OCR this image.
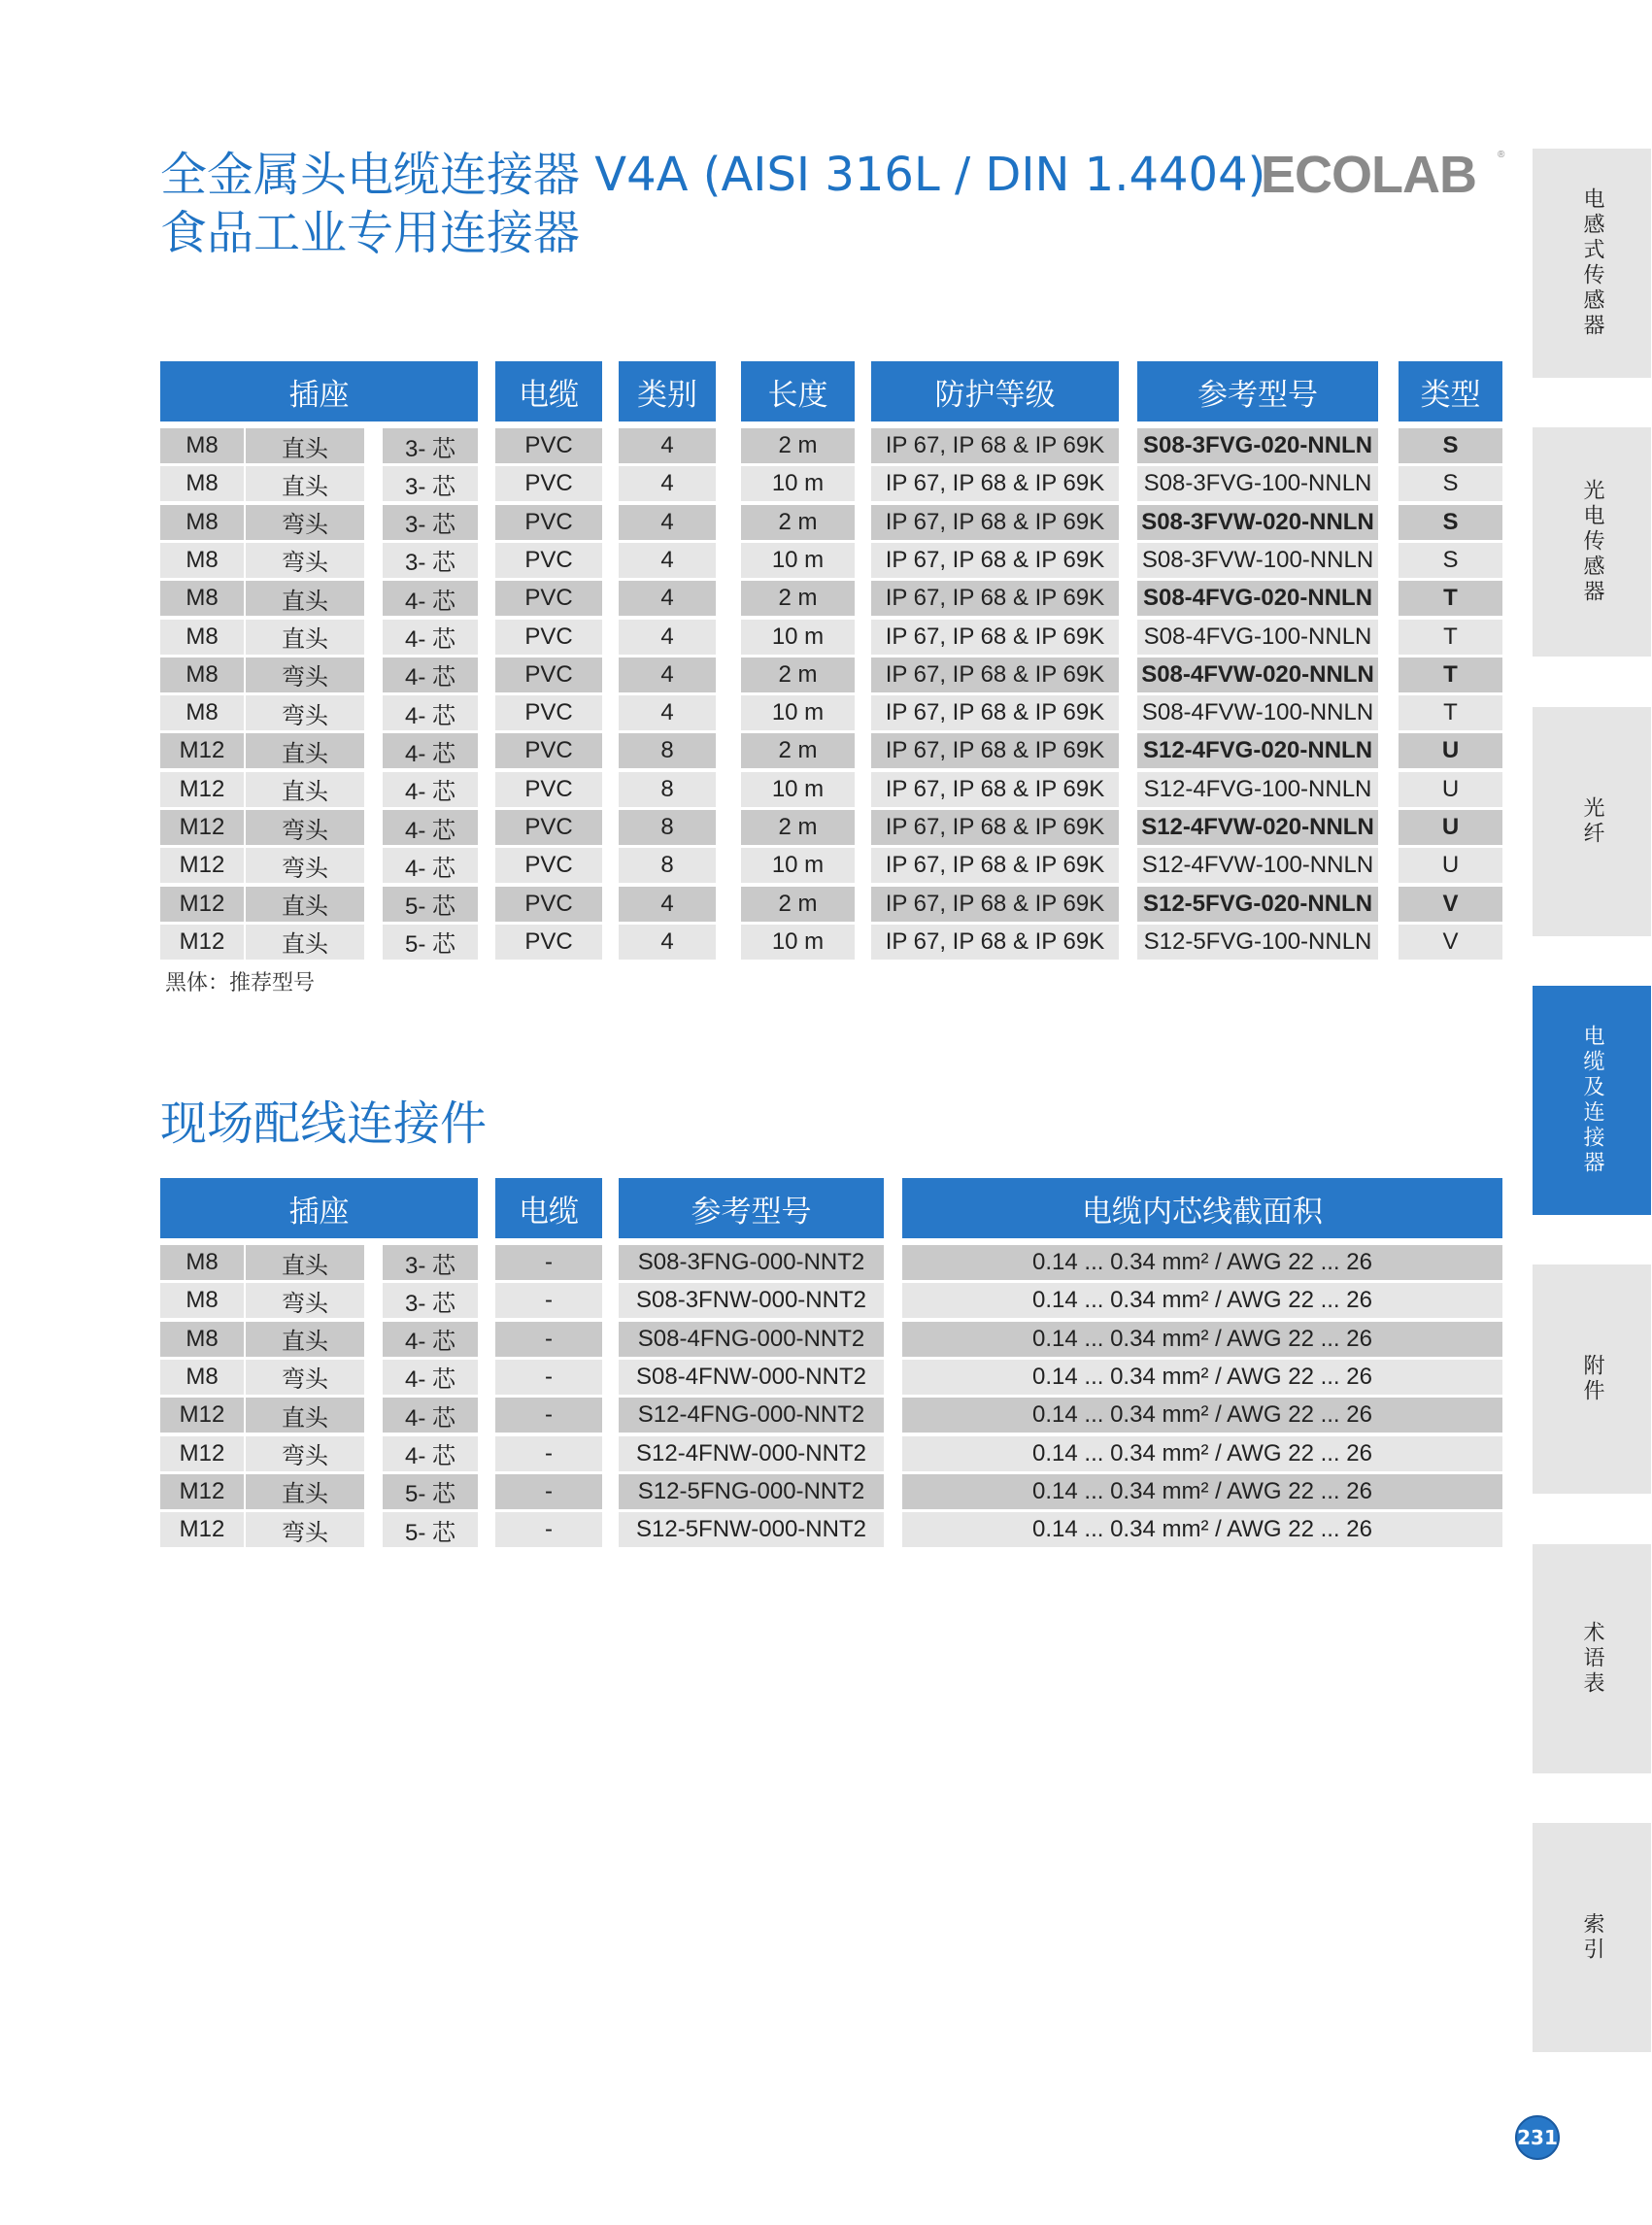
全金属头电缆连接器 V4A (AISI 316L / DIN 1.4404)
食品工业专用连接器
ECOLAB ®
插座	电缆	类别	长度	防护等级	参考型号	类型
M8	直头	3- 芯	PVC	4	2 m	IP 67, IP 68 & IP 69K	S08-3FVG-020-NNLN	S
M8	直头	3- 芯	PVC	4	10 m	IP 67, IP 68 & IP 69K	S08-3FVG-100-NNLN	S
M8	弯头	3- 芯	PVC	4	2 m	IP 67, IP 68 & IP 69K	S08-3FVW-020-NNLN	S
M8	弯头	3- 芯	PVC	4	10 m	IP 67, IP 68 & IP 69K	S08-3FVW-100-NNLN	S
M8	直头	4- 芯	PVC	4	2 m	IP 67, IP 68 & IP 69K	S08-4FVG-020-NNLN	T
M8	直头	4- 芯	PVC	4	10 m	IP 67, IP 68 & IP 69K	S08-4FVG-100-NNLN	T
M8	弯头	4- 芯	PVC	4	2 m	IP 67, IP 68 & IP 69K	S08-4FVW-020-NNLN	T
M8	弯头	4- 芯	PVC	4	10 m	IP 67, IP 68 & IP 69K	S08-4FVW-100-NNLN	T
M12	直头	4- 芯	PVC	8	2 m	IP 67, IP 68 & IP 69K	S12-4FVG-020-NNLN	U
M12	直头	4- 芯	PVC	8	10 m	IP 67, IP 68 & IP 69K	S12-4FVG-100-NNLN	U
M12	弯头	4- 芯	PVC	8	2 m	IP 67, IP 68 & IP 69K	S12-4FVW-020-NNLN	U
M12	弯头	4- 芯	PVC	8	10 m	IP 67, IP 68 & IP 69K	S12-4FVW-100-NNLN	U
M12	直头	5- 芯	PVC	4	2 m	IP 67, IP 68 & IP 69K	S12-5FVG-020-NNLN	V
M12	直头	5- 芯	PVC	4	10 m	IP 67, IP 68 & IP 69K	S12-5FVG-100-NNLN	V
黑体：推荐型号
现场配线连接件
插座	电缆	参考型号	电缆内芯线截面积
M8	直头	3- 芯	-	S08-3FNG-000-NNT2	0.14 ... 0.34 mm² / AWG 22 ... 26
M8	弯头	3- 芯	-	S08-3FNW-000-NNT2	0.14 ... 0.34 mm² / AWG 22 ... 26
M8	直头	4- 芯	-	S08-4FNG-000-NNT2	0.14 ... 0.34 mm² / AWG 22 ... 26
M8	弯头	4- 芯	-	S08-4FNW-000-NNT2	0.14 ... 0.34 mm² / AWG 22 ... 26
M12	直头	4- 芯	-	S12-4FNG-000-NNT2	0.14 ... 0.34 mm² / AWG 22 ... 26
M12	弯头	4- 芯	-	S12-4FNW-000-NNT2	0.14 ... 0.34 mm² / AWG 22 ... 26
M12	直头	5- 芯	-	S12-5FNG-000-NNT2	0.14 ... 0.34 mm² / AWG 22 ... 26
M12	弯头	5- 芯	-	S12-5FNW-000-NNT2	0.14 ... 0.34 mm² / AWG 22 ... 26
电感式传感器
光电传感器
光纤
电缆及连接器
附件
术语表
索引
231
